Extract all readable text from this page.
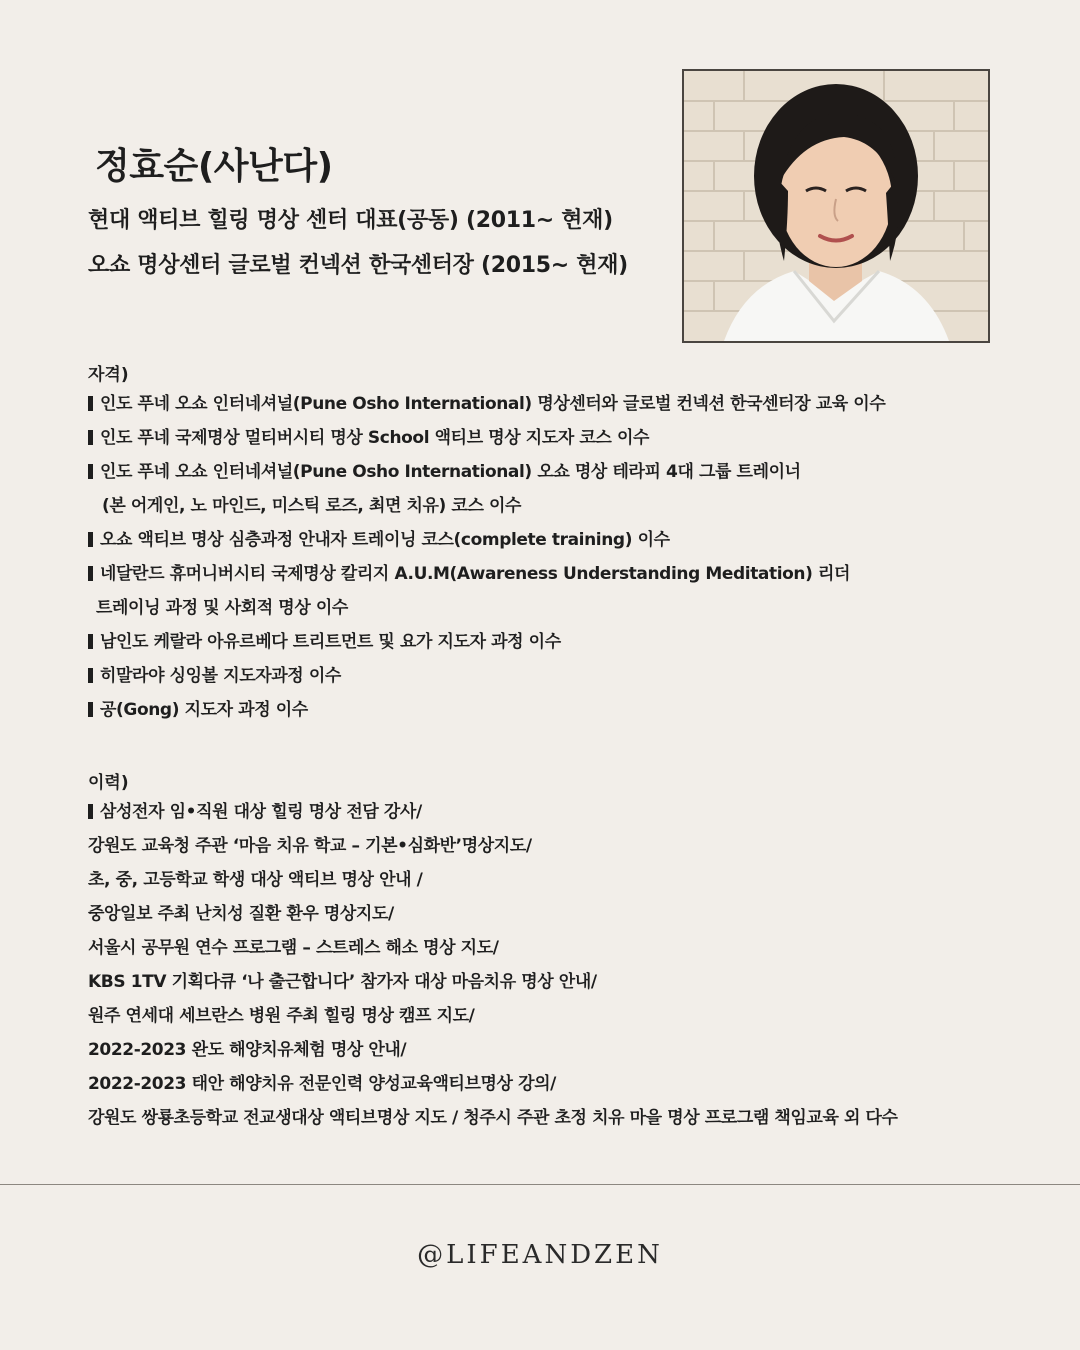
정효순(사난다)
현대 액티브 힐링 명상 센터 대표(공동) (2011~ 현재)
오쇼 명상센터 글로벌 컨넥션 한국센터장 (2015~ 현재)
자격)
인도 푸네 오쇼 인터네셔널(Pune Osho International) 명상센터와 글로벌 컨넥션 한국센터장 교육 이수
인도 푸네 국제명상 멀티버시티 명상 School 액티브 명상 지도자 코스 이수
인도 푸네 오쇼 인터네셔널(Pune Osho International) 오쇼 명상 테라피 4대 그룹 트레이너
(본 어게인, 노 마인드, 미스틱 로즈, 최면 치유) 코스 이수
오쇼 액티브 명상 심층과정 안내자 트레이닝 코스(complete training) 이수
네달란드 휴머니버시티 국제명상 칼리지 A.U.M(Awareness Understanding Meditation) 리더
트레이닝 과정 및 사회적 명상 이수
남인도 케랄라 아유르베다 트리트먼트 및 요가 지도자 과정 이수
히말라야 싱잉볼 지도자과정 이수
공(Gong) 지도자 과정 이수
이력)
삼성전자 임•직원 대상 힐링 명상 전담 강사/
강원도 교육청 주관 ‘마음 치유 학교 – 기본•심화반’명상지도/
초, 중, 고등학교 학생 대상 액티브 명상 안내 /
중앙일보 주최 난치성 질환 환우 명상지도/
서울시 공무원 연수 프로그램 – 스트레스 해소 명상 지도/
KBS 1TV 기획다큐 ‘나 출근합니다’ 참가자 대상 마음치유 명상 안내/
원주 연세대 세브란스 병원 주최 힐링 명상 캠프 지도/
2022-2023 완도 해양치유체험 명상 안내/
2022-2023 태안 해양치유 전문인력 양성교육액티브명상 강의/
강원도 쌍룡초등학교 전교생대상 액티브명상 지도 / 청주시 주관 초정 치유 마을 명상 프로그램 책임교육 외 다수
@LIFEANDZEN
